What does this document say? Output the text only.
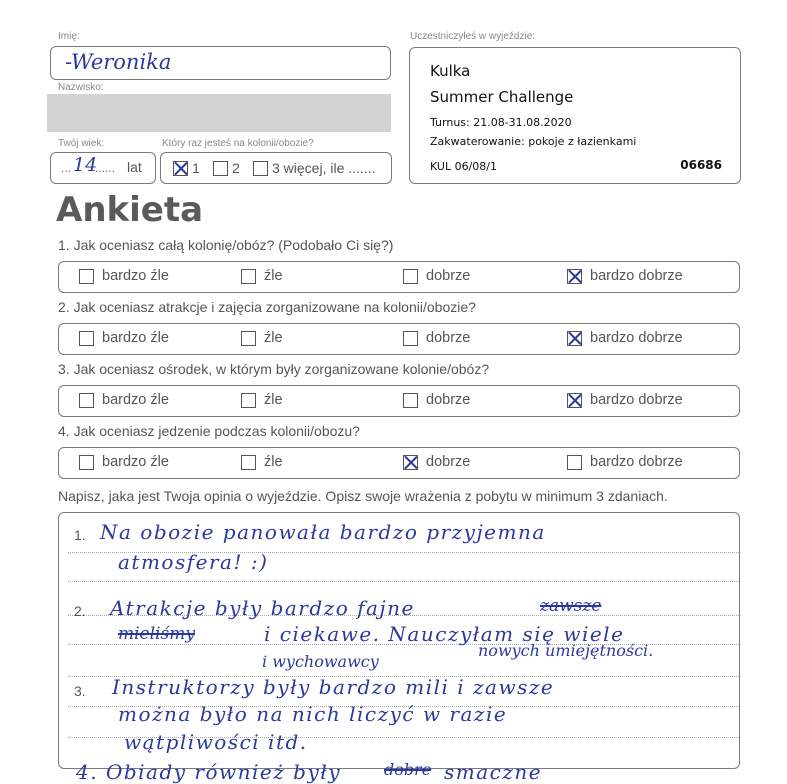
Imię:
-Weronika
Nazwisko:
Twój wiek:
... 14
...... lat
Który raz jesteś na kolonii/obozie?
1 2 3 więcej, ile .......
Uczestniczyłeś w wyjeździe:
Kulka
Summer Challenge
Turnus: 21.08-31.08.2020
Zakwaterowanie: pokoje z łazienkami
KUL 06/08/1	06686
Ankieta
1. Jak oceniasz całą kolonię/obóz? (Podobało Ci się?)
bardzo źle	źle	dobrze	bardzo dobrze
2. Jak oceniasz atrakcje i zajęcia zorganizowane na kolonii/obozie?
bardzo źle	źle	dobrze	bardzo dobrze
3. Jak oceniasz ośrodek, w którym były zorganizowane kolonie/obóz?
bardzo źle	źle	dobrze	bardzo dobrze
4. Jak oceniasz jedzenie podczas kolonii/obozu?
bardzo źle	źle	dobrze	bardzo dobrze
Napisz, jaka jest Twoja opinia o wyjeździe. Opisz swoje wrażenia z pobytu w minimum 3 zdaniach.
1.
2.
3.
Na obozie panowała bardzo przyjemna
atmosfera! :)
Atrakcje były bardzo fajne	zawsze
mieliśmy	i ciekawe. Nauczyłam się wiele
nowych umiejętności.
i wychowawcy
Instruktorzy były bardzo mili i zawsze
można było na nich liczyć w razie
wątpliwości itd.
4. Obiady również były	dobre smaczne
